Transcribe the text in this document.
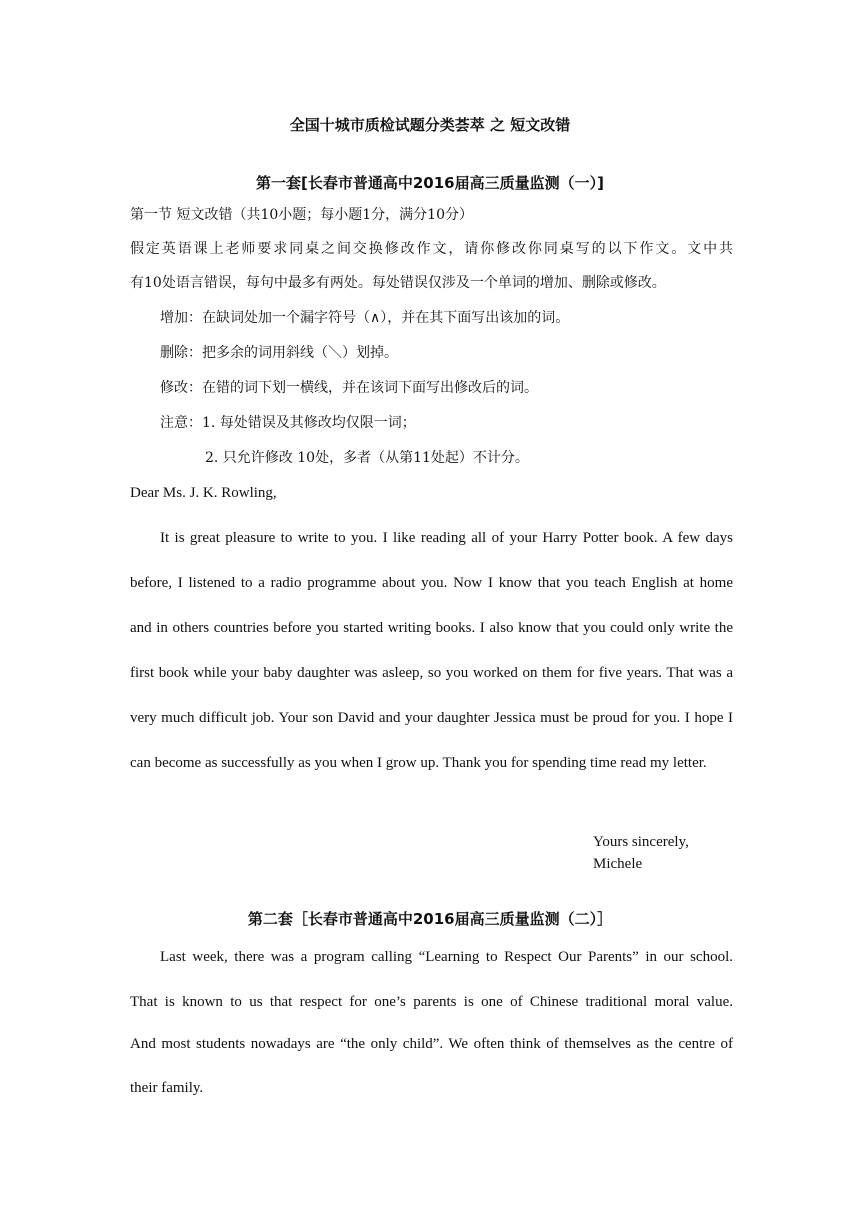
全国十城市质检试题分类荟萃 之 短文改错
第一套[长春市普通高中2016届高三质量监测（一）]
第一节 短文改错（共10小题；每小题1分，满分10分）
假定英语课上老师要求同桌之间交换修改作文，请你修改你同桌写的以下作文。文中共
有10处语言错误，每句中最多有两处。每处错误仅涉及一个单词的增加、删除或修改。
增加：在缺词处加一个漏字符号（∧），并在其下面写出该加的词。
删除：把多余的词用斜线（＼）划掉。
修改：在错的词下划一横线，并在该词下面写出修改后的词。
注意：1. 每处错误及其修改均仅限一词；
2. 只允许修改 10处，多者（从第11处起）不计分。
Dear Ms. J. K. Rowling,
It is great pleasure to write to you. I like reading all of your Harry Potter book. A few days
before, I listened to a radio programme about you. Now I know that you teach English at home
and in others countries before you started writing books. I also know that you could only write the
first book while your baby daughter was asleep, so you worked on them for five years. That was a
very much difficult job. Your son David and your daughter Jessica must be proud for you. I hope I
can become as successfully as you when I grow up. Thank you for spending time read my letter.
Yours sincerely,
Michele
第二套［长春市普通高中2016届高三质量监测（二）］
Last week, there was a program calling “Learning to Respect Our Parents” in our school.
That is known to us that respect for one’s parents is one of Chinese traditional moral value.
And most students nowadays are “the only child”. We often think of themselves as the centre of
their family.
